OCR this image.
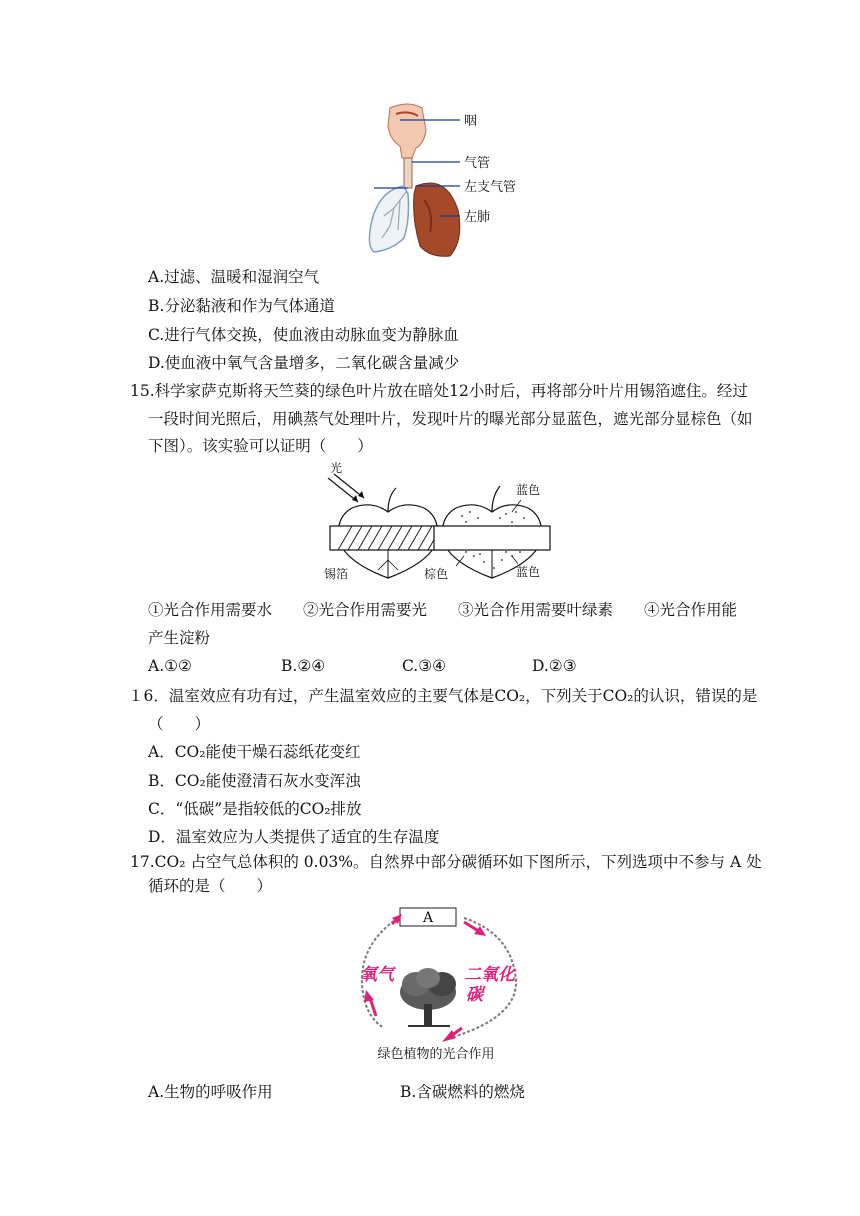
咽
气管
左支气管
左肺
A.过滤、温暖和湿润空气
B.分泌黏液和作为气体通道
C.进行气体交换，使血液由动脉血变为静脉血
D.使血液中氧气含量增多，二氧化碳含量减少
15.科学家萨克斯将天竺葵的绿色叶片放在暗处12小时后，再将部分叶片用锡箔遮住。经过
一段时间光照后，用碘蒸气处理叶片，发现叶片的曝光部分显蓝色，遮光部分显棕色（如
下图）。该实验可以证明（　　）
光
锡箔
蓝色
棕色	蓝色
①光合作用需要水　　②光合作用需要光　　③光合作用需要叶绿素　　④光合作用能
产生淀粉
A.①②	B.②④	C.③④	D.②③
１6．温室效应有功有过，产生温室效应的主要气体是CO₂，下列关于CO₂的认识，错误的是
（　　）
A．CO₂能使干燥石蕊纸花变红
B．CO₂能使澄清石灰水变浑浊
C．“低碳”是指较低的CO₂排放
D．温室效应为人类提供了适宜的生存温度
17.CO₂ 占空气总体积的 0.03%。自然界中部分碳循环如下图所示，下列选项中不参与 A 处
循环的是（　　）
A
氧气	二氧化
碳
绿色植物的光合作用
A.生物的呼吸作用	B.含碳燃料的燃烧
